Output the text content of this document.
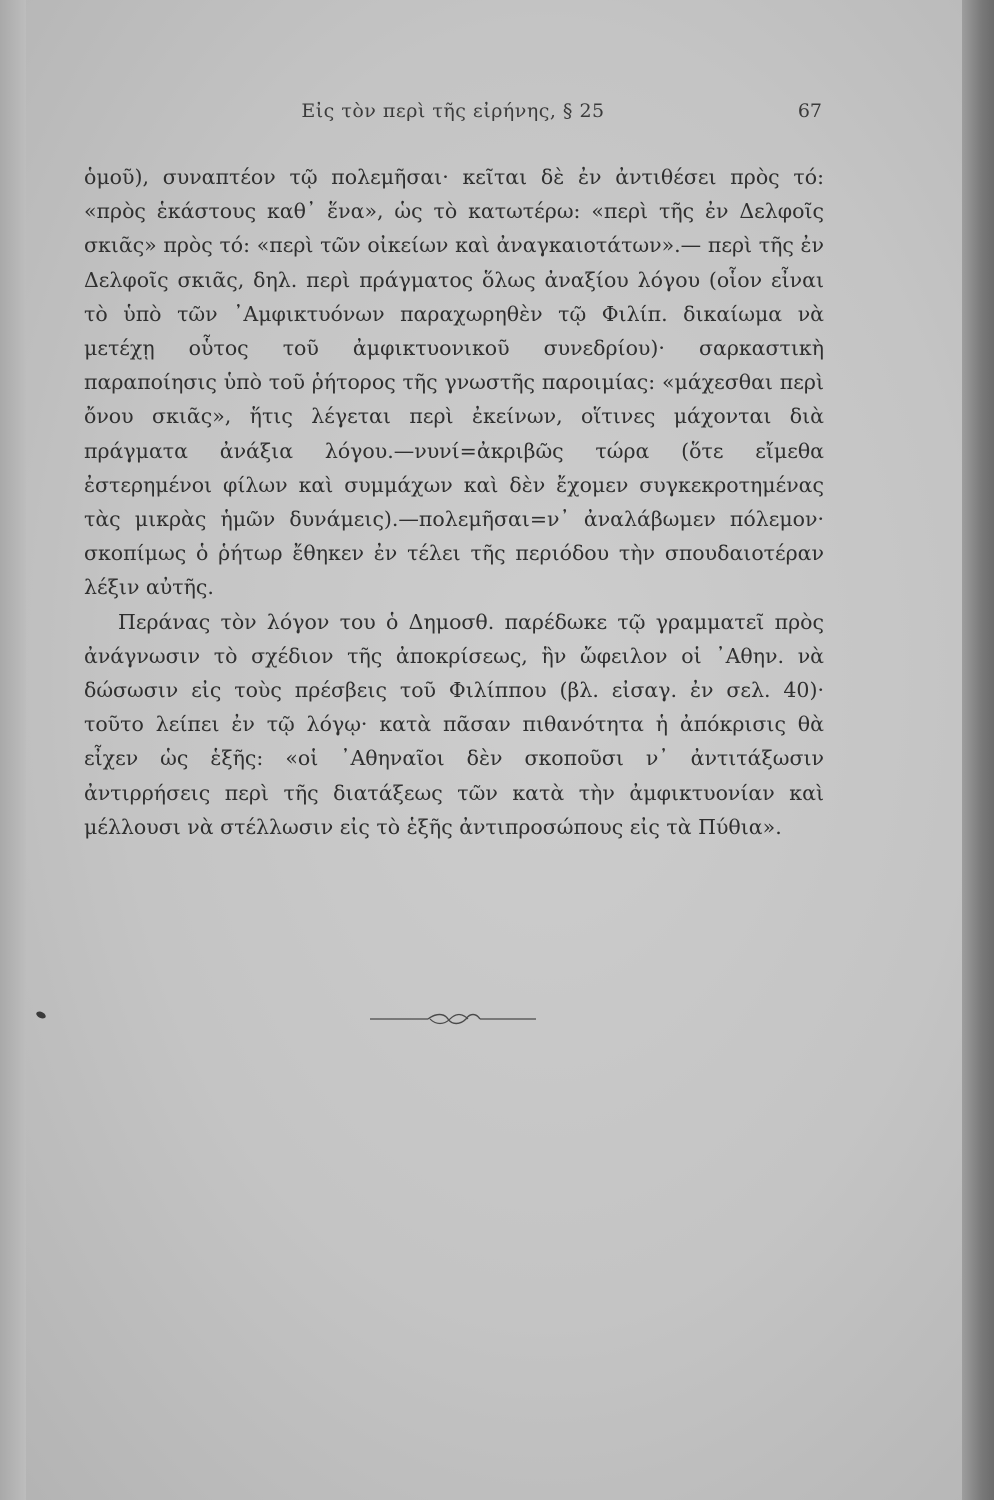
Εἰς τὸν περὶ τῆς εἰρήνης, § 25	67

ὁμοῦ), συναπτέον τῷ πολεμῆσαι· κεῖται δὲ ἐν ἀντιθέσει πρὸς τό: «πρὸς ἑκάστους καθ᾽ ἕνα», ὡς τὸ κατωτέρω: «περὶ τῆς ἐν Δελφοῖς σκιᾶς» πρὸς τό: «περὶ τῶν οἰκείων καὶ ἀναγκαιοτάτων».— περὶ τῆς ἐν Δελφοῖς σκιᾶς, δηλ. περὶ πράγματος ὅλως ἀναξίου λόγου (οἷον εἶναι τὸ ὑπὸ τῶν ᾽Αμφικτυόνων παραχωρηθὲν τῷ Φιλίπ. δικαίωμα νὰ μετέχῃ οὗτος τοῦ ἀμφικτυονικοῦ συνεδρίου)· σαρκαστικὴ παραποίησις ὑπὸ τοῦ ῥήτορος τῆς γνωστῆς παροιμίας: «μάχεσθαι περὶ ὄνου σκιᾶς», ἥτις λέγεται περὶ ἐκείνων, οἵτινες μάχονται διὰ πράγματα ἀνάξια λόγου.—νυνί=ἀκριβῶς τώρα (ὅτε εἴμεθα ἐστερημένοι φίλων καὶ συμμάχων καὶ δὲν ἔχομεν συγκεκροτημένας τὰς μικρὰς ἡμῶν δυνάμεις).—πολεμῆσαι=ν᾽ ἀναλάβωμεν πόλεμον· σκοπίμως ὁ ῥήτωρ ἔθηκεν ἐν τέλει τῆς περιόδου τὴν σπουδαιοτέραν λέξιν αὐτῆς.

Περάνας τὸν λόγον του ὁ Δημοσθ. παρέδωκε τῷ γραμματεῖ πρὸς ἀνάγνωσιν τὸ σχέδιον τῆς ἀποκρίσεως, ἣν ὤφειλον οἱ ᾽Αθην. νὰ δώσωσιν εἰς τοὺς πρέσβεις τοῦ Φιλίππου (βλ. εἰσαγ. ἐν σελ. 40)· τοῦτο λείπει ἐν τῷ λόγῳ· κατὰ πᾶσαν πιθανότητα ἡ ἀπόκρισις θὰ εἶχεν ὡς ἑξῆς: «οἱ ᾽Αθηναῖοι δὲν σκοποῦσι ν᾽ ἀντιτάξωσιν ἀντιρρήσεις περὶ τῆς διατάξεως τῶν κατὰ τὴν ἀμφικτυονίαν καὶ μέλλουσι νὰ στέλλωσιν εἰς τὸ ἑξῆς ἀντιπροσώπους εἰς τὰ Πύθια».
